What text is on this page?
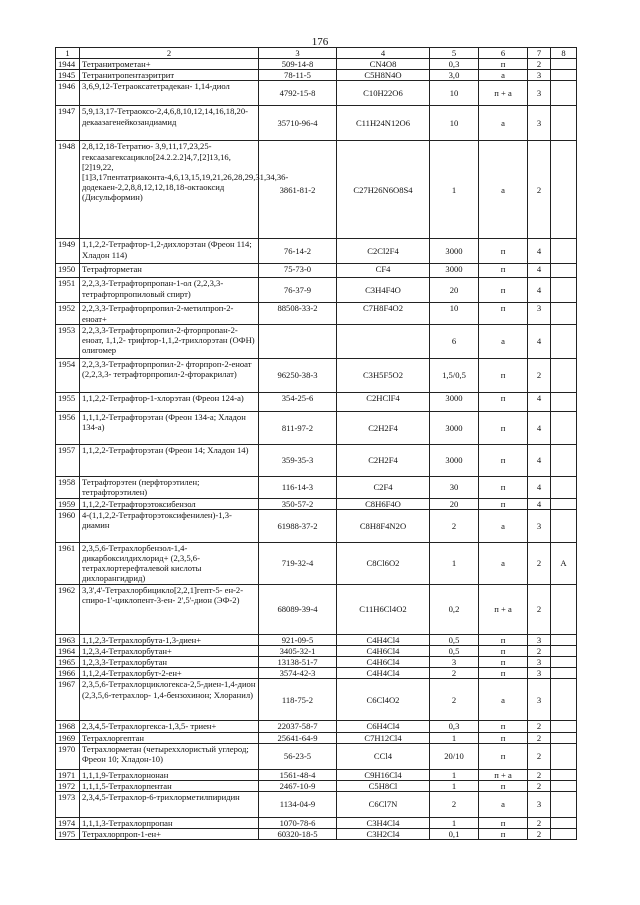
176
1	2	3	4	5	6	7	8
1944	Тетранитрометан+	509-14-8	CN4O8	0,3	п	2	
1945	Тетранитропентаэритрит	78-11-5	C5H8N4O	3,0	а	3	
1946	3,6,9,12-Тетраоксатетрадекан- 1,14-диол	4792-15-8	C10H22O6	10	п + а	3	
1947	5,9,13,17-Тетраоксо-2,4,6,8,10,12,14,16,18,20-декаазагенейкозандиамид	35710-96-4	C11H24N12O6	10	а	3	
1948	2,8,12,18-Тетратио- 3,9,11,17,23,25-гексаазагексацикло[24.2.2.2]4,7,[2]13,16, [2]19,22,[1]3,17пентатриаконта-4,6,13,15,19,21,26,28,29,31,34,36-додекаен-2,2,8,8,12,12,18,18-октаоксид (Дисульформин)	3861-81-2	C27H26N6O8S4	1	а	2	
1949	1,1,2,2-Тетрафтор-1,2-дихлорэтан (Фреон 114; Хладон 114)	76-14-2	C2Cl2F4	3000	п	4	
1950	Тетрафторметан	75-73-0	CF4	3000	п	4	
1951	2,2,3,3-Тетрафторпропан-1-ол (2,2,3,3-тетрафторпропиловый спирт)	76-37-9	C3H4F4O	20	п	4	
1952	2,2,3,3-Тетрафторпропил-2-метилпроп-2-еноат+	88508-33-2	C7H8F4O2	10	п	3	
1953	2,2,3,3-Тетрафторпропил-2-фторпропан-2-еноат, 1,1,2- трифтор-1,1,2-трихлорэтан (ОФН) олигомер			6	а	4	
1954	2,2,3,3-Тетрафторпропил-2- фторпроп-2-еноат (2,2,3,3- тетрафторпропил-2-фторакрилат)	96250-38-3	C3H5F5O2	1,5/0,5	п	2	
1955	1,1,2,2-Тетрафтор-1-хлорэтан (Фреон 124-а)	354-25-6	C2HClF4	3000	п	4	
1956	1,1,1,2-Тетрафторэтан (Фреон 134-а; Хладон 134-а)	811-97-2	C2H2F4	3000	п	4	
1957	1,1,2,2-Тетрафторэтан (Фреон 14; Хладон 14)	359-35-3	C2H2F4	3000	п	4	
1958	Тетрафторэтен (перфторэтилен; тетрафторэтилен)	116-14-3	C2F4	30	п	4	
1959	1,1,2,2-Тетрафторэтоксибензол	350-57-2	C8H6F4O	20	п	4	
1960	4-(1,1,2,2-Тетрафторэтоксифенилен)-1,3-диамин	61988-37-2	C8H8F4N2O	2	а	3	
1961	2,3,5,6-Тетрахлорбензол-1,4-дикарбоксилдихлорид+ (2,3,5,6-тетрахлортерефталевой кислоты дихлорангидрид)	719-32-4	C8Cl6O2	1	а	2	А
1962	3,3',4'-Тетрахлорбицикло[2,2,1]гепт-5- ен-2-спиро-1'-циклопент-3-ен- 2',5'-дион (ЭФ-2)	68089-39-4	C11H6Cl4O2	0,2	п + а	2	
1963	1,1,2,3-Тетрахлорбута-1,3-диен+	921-09-5	C4H4Cl4	0,5	п	3	
1964	1,2,3,4-Тетрахлорбутан+	3405-32-1	C4H6Cl4	0,5	п	2	
1965	1,2,3,3-Тетрахлорбутан	13138-51-7	C4H6Cl4	3	п	3	
1966	1,1,2,4-Тетрахлорбут-2-ен+	3574-42-3	C4H4Cl4	2	п	3	
1967	2,3,5,6-Тетрахлорциклогекса-2,5-диен-1,4-дион (2,3,5,6-тетрахлор- 1,4-бензохинон; Хлоранил)	118-75-2	C6Cl4O2	2	а	3	
1968	2,3,4,5-Тетрахлоргекса-1,3,5- триен+	22037-58-7	C6H4Cl4	0,3	п	2	
1969	Тетрахлоргептан	25641-64-9	C7H12Cl4	1	п	2	
1970	Тетрахлорметан (четыреххлористый углерод; Фреон 10; Хладон-10)	56-23-5	CCl4	20/10	п	2	
1971	1,1,1,9-Тетрахлорнонан	1561-48-4	C9H16Cl4	1	п + а	2	
1972	1,1,1,5-Тетрахлорпентан	2467-10-9	C5H8Cl	1	п	2	
1973	2,3,4,5-Тетрахлор-6-трихлорметилпиридин	1134-04-9	C6Cl7N	2	а	3	
1974	1,1,1,3-Тетрахлорпропан	1070-78-6	C3H4Cl4	1	п	2	
1975	Тетрахлорпроп-1-ен+	60320-18-5	C3H2Cl4	0,1	п	2	
